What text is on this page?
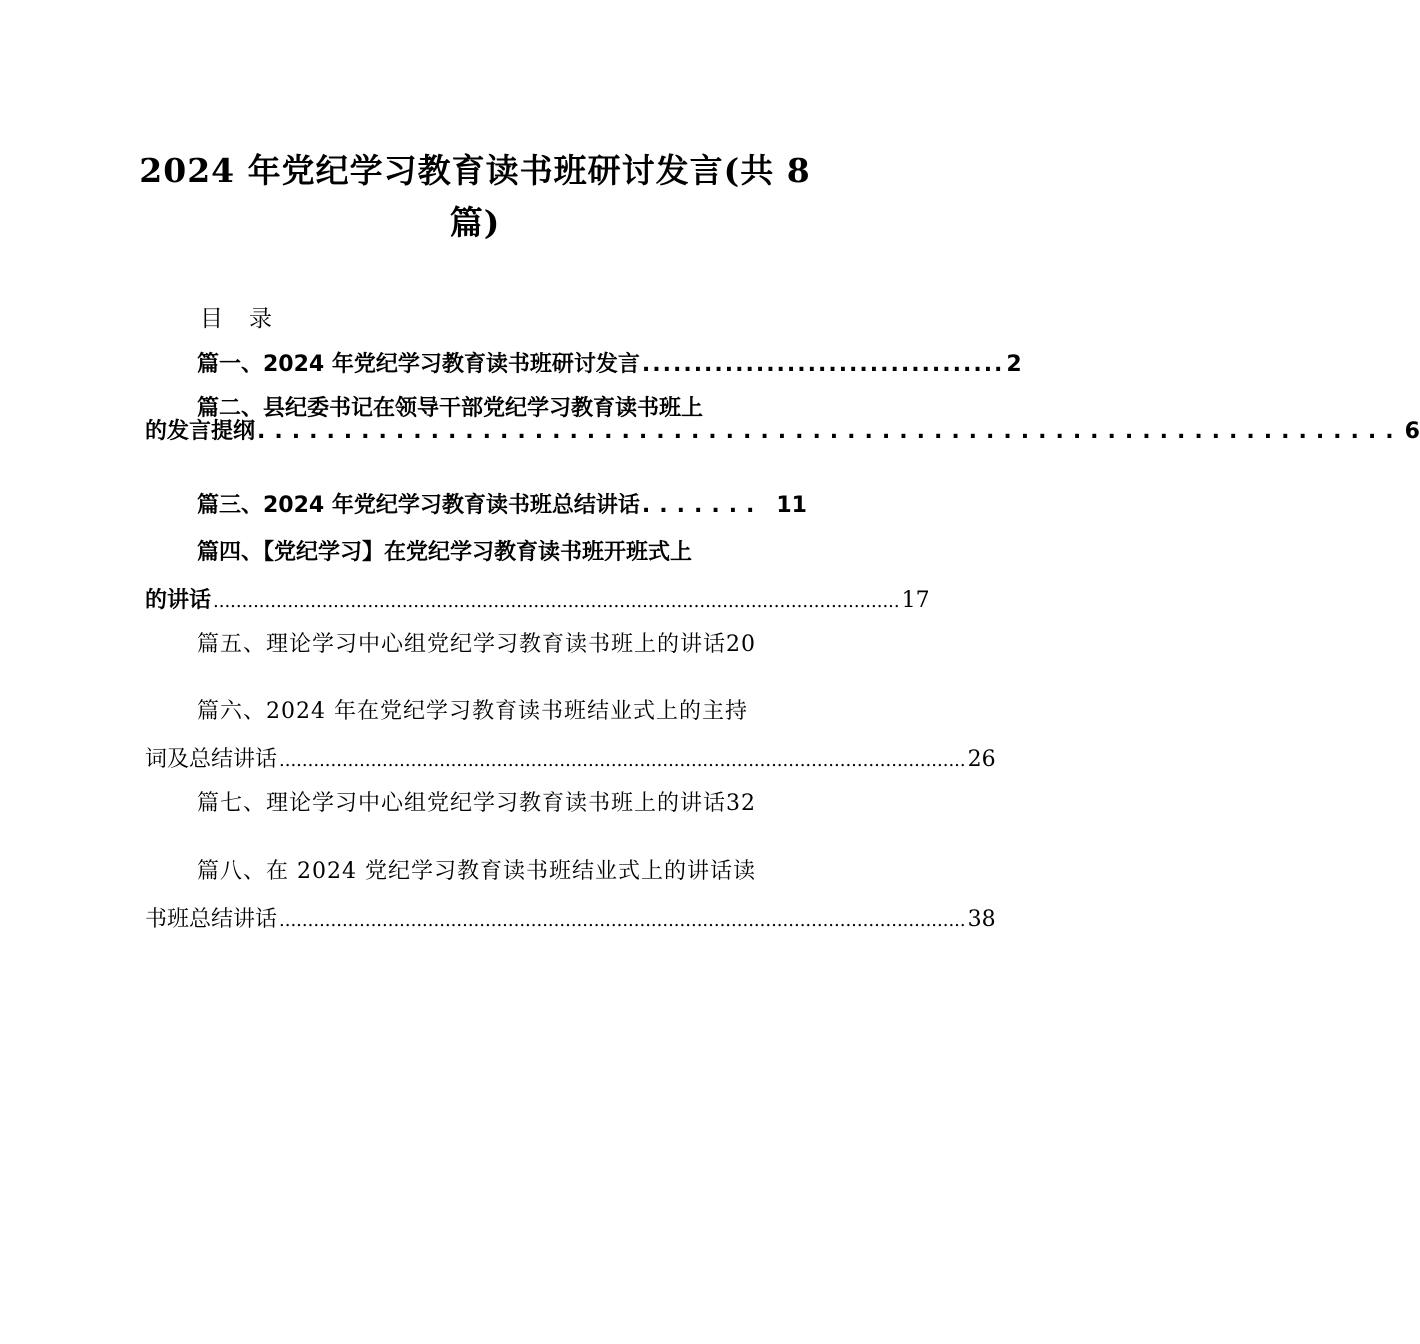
2024 年党纪学习教育读书班研讨发言(共 8
篇)
目录
篇一、2024 年党纪学习教育读书班研讨发言 ................................... 2
篇二、县纪委书记在领导干部党纪学习教育读书班上
的发言提纲 .................................................................. 6
篇三、2024 年党纪学习教育读书班总结讲话 ....... 11
篇四、【党纪学习】在党纪学习教育读书班开班式上
的讲话 ........................................................................................................................ 17
篇五、理论学习中心组党纪学习教育读书班上的讲话 20
篇六、2024 年在党纪学习教育读书班结业式上的主持
词及总结讲话 ........................................................................................................................ 26
篇七、理论学习中心组党纪学习教育读书班上的讲话 32
篇八、在 2024 党纪学习教育读书班结业式上的讲话读
书班总结讲话 ........................................................................................................................ 38
